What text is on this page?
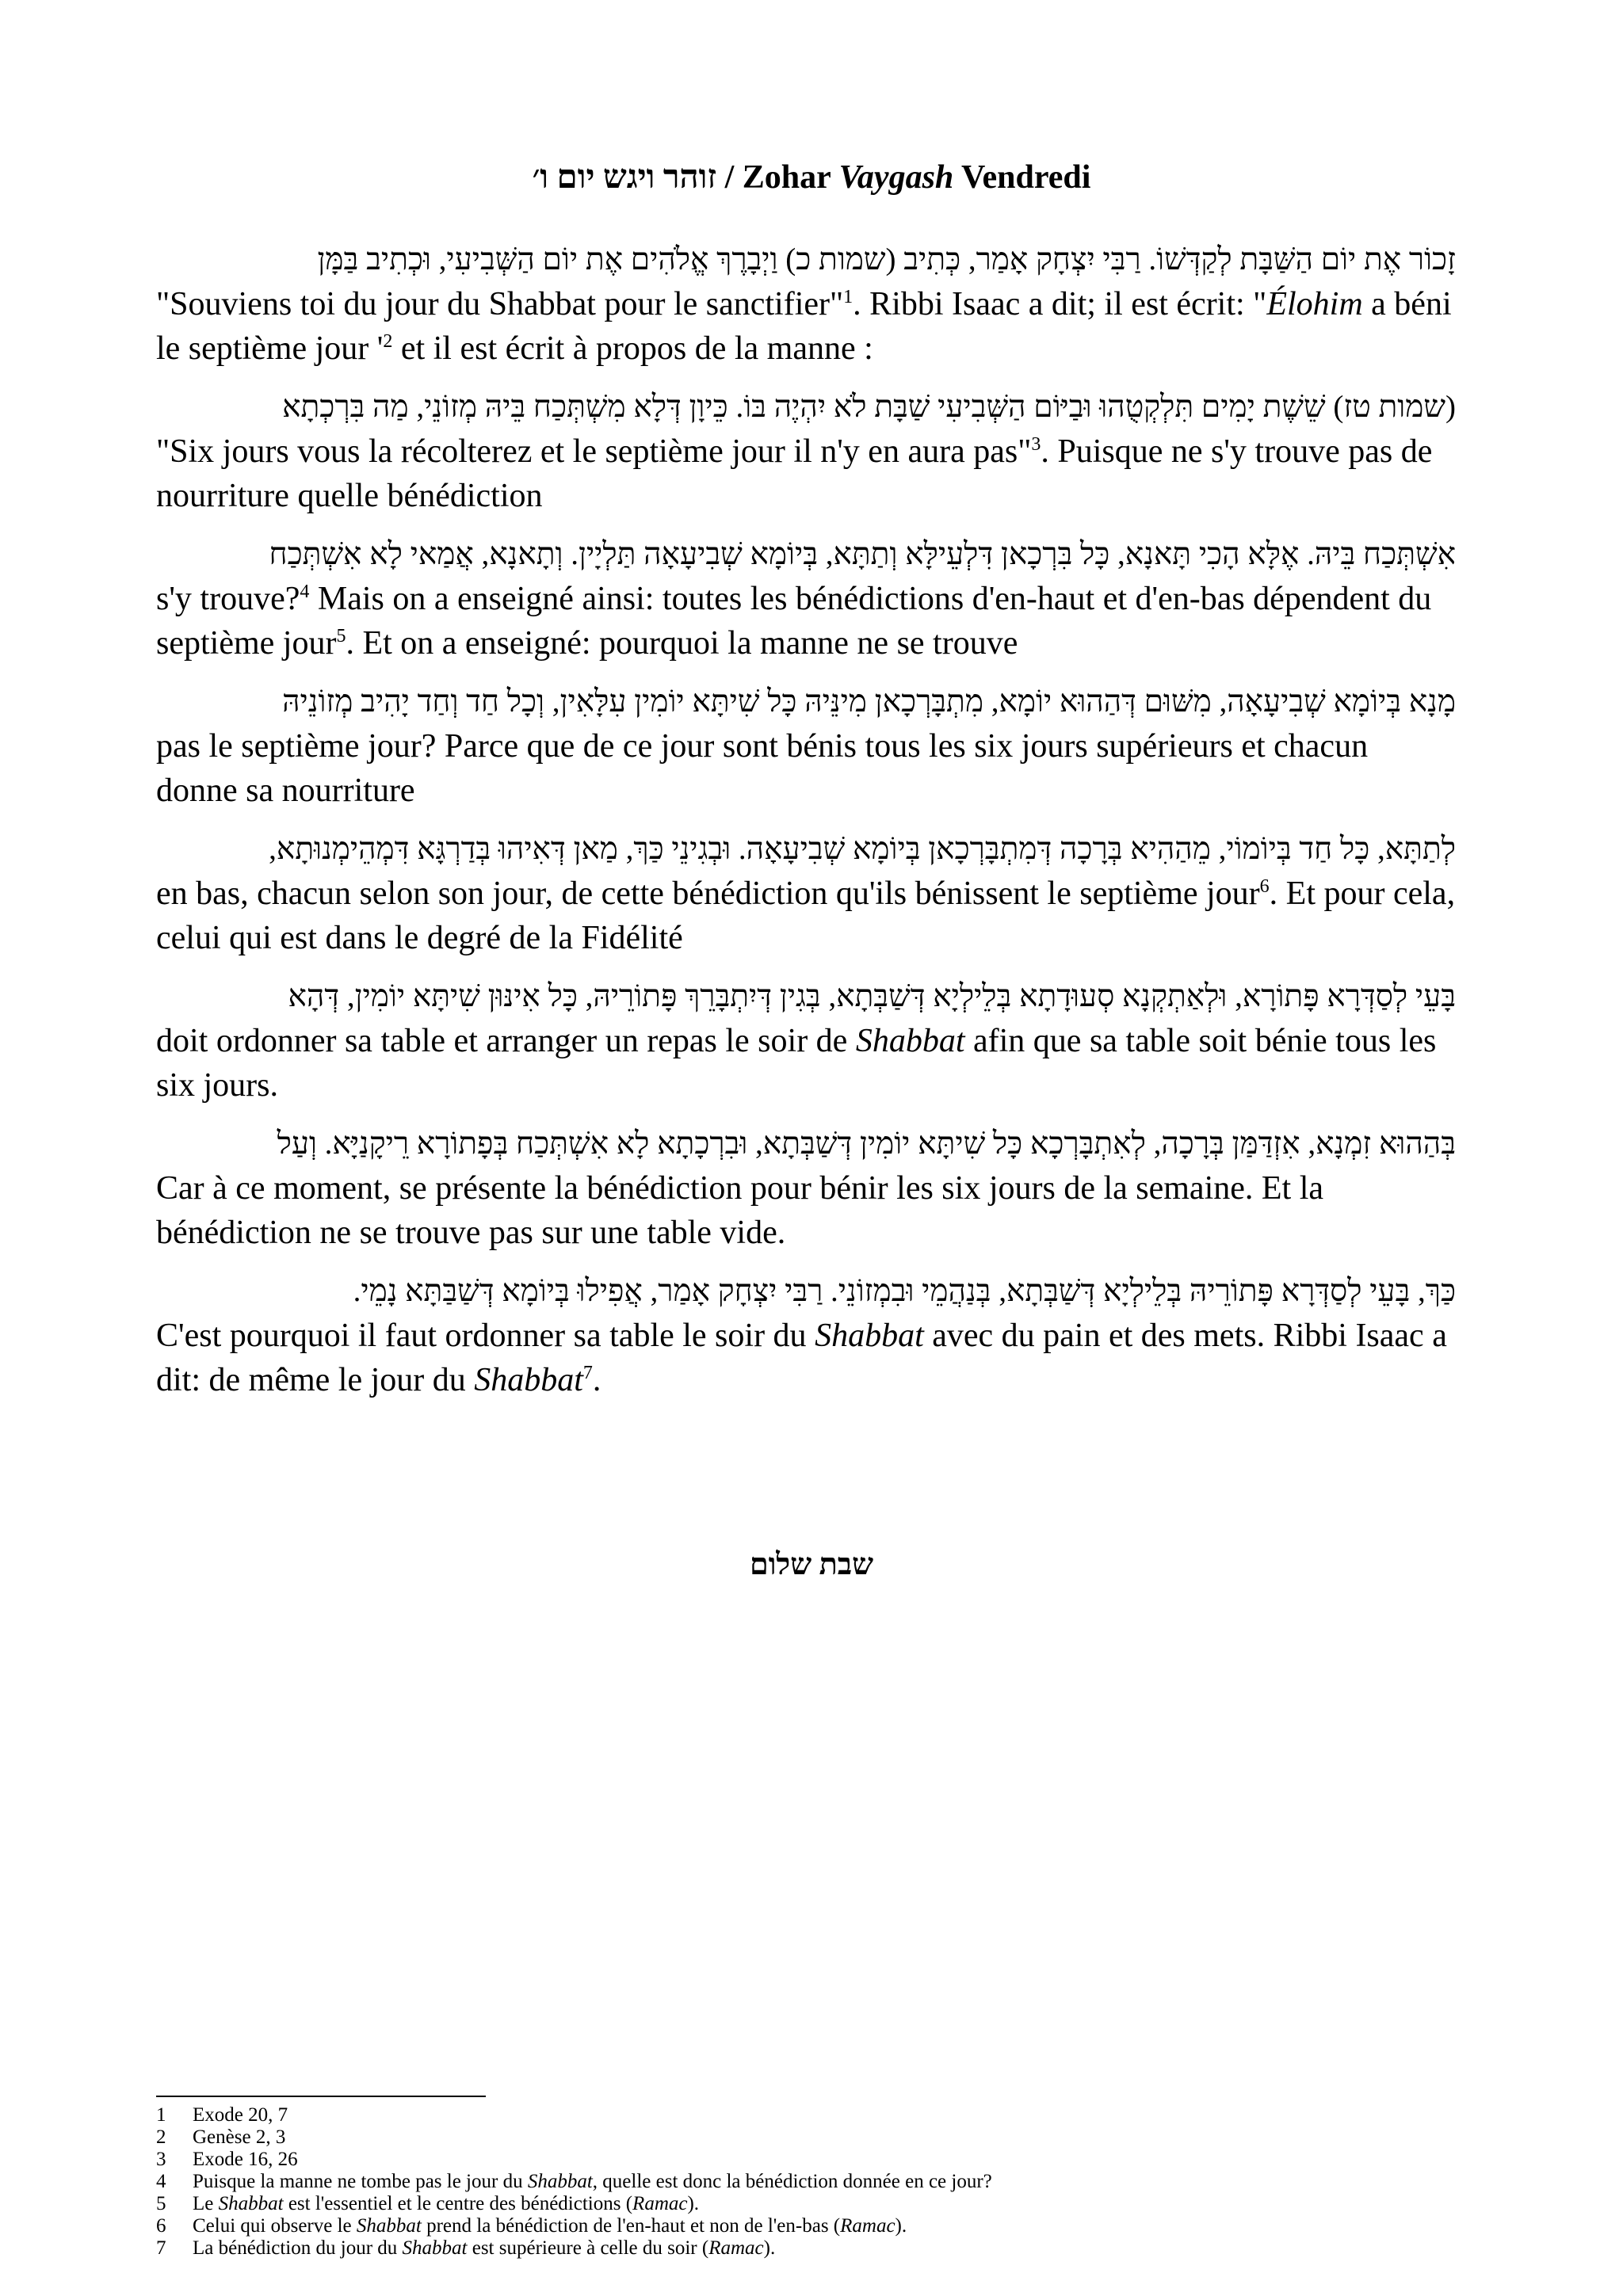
זוהר ויגש יום ו׳ / Zohar Vaygash Vendredi
זָכוֹר אֶת יוֹם הַשַּׁבָּת לְקַדְּשׁוֹ. רַבִּי יִצְחָק אָמַר, כְּתִיב (שמות כ) וַיְבָרֶךְ אֱלֹהִים אֶת יוֹם הַשְּׁבִיעִי, וּכְתִיב בַּמָּן
"Souviens toi du jour du Shabbat pour le sanctifier"$^1$. Ribbi Isaac a dit; il est écrit: "Élohim a béni le septième jour '$^2$ et il est écrit à propos de la manne :
(שמות טז) שֵׁשֶׁת יָמִים תִּלְקְטֻהוּ וּבַיּוֹם הַשְּׁבִיעִי שַׁבָּת לֹא יִהְיֶה בּוֹ. כֵּיוָן דְּלָא מִשְׁתְּכַח בֵּיהּ מְזוֹנֵי, מַה בִּרְכְתָא
"Six jours vous la récolterez et le septième jour il n'y en aura pas"$^3$. Puisque ne s'y trouve pas de nourriture quelle bénédiction
אִשְׁתְּכַח בֵּיהּ. אֶלָּא הָכִי תָּאנָא, כָּל בִּרְכָאן דִּלְעֵילָּא וְתַתָּא, בְּיוֹמָא שְׁבִיעָאָה תַּלְיָין. וְתָאנָא, אֲמַאי לָא אִשְׁתְּכַח
s'y trouve?$^4$ Mais on a enseigné ainsi: toutes les bénédictions d'en-haut et d'en-bas dépendent du septième jour$^5$. Et on a enseigné: pourquoi la manne ne se trouve
מָנָא בְּיוֹמָא שְׁבִיעָאָה, מִשּׁוּם דְּהַהוּא יוֹמָא, מִתְבָּרְכָאן מִינֵּיהּ כָּל שִׁיתָּא יוֹמִין עִלָּאִין, וְכָל חַד וְחַד יָהִיב מְזוֹנֵיהּ
pas le septième jour? Parce que de ce jour sont bénis tous les six jours supérieurs et chacun donne sa nourriture
לְתַתָּא, כָּל חַד בְּיוֹמוֹי, מֵהַהִיא בְּרָכָה דְּמִתְבָּרְכָאן בְּיוֹמָא שְׁבִיעָאָה. וּבְגִינֵי כַּךְ, מַאן דְּאִיהוּ בְּדַרְגָּא דִּמְהֵימְנוּתָא,
en bas, chacun selon son jour, de cette bénédiction qu'ils bénissent le septième jour$^6$. Et pour cela, celui qui est dans le degré de la Fidélité
בָּעֵי לְסַדְּרָא פָּתוֹרָא, וּלְאַתְקְנָא סְעוּדָתָא בְּלֵילְיָא דְּשַׁבְּתָא, בְּגִין דְּיִתְבָּרֵךְ פָּתוֹרֵיהּ, כָּל אִינּוּן שִׁיתָּא יוֹמִין, דְּהָא
doit ordonner sa table et arranger un repas le soir de Shabbat afin que sa table soit bénie tous les six jours.
בְּהַהוּא זִמְנָא, אִזְדַּמַּן בְּרָכָה, לְאִתְבָּרְכָא כָּל שִׁיתָּא יוֹמִין דְּשַׁבְּתָא, וּבִרְכָתָא לָא אִשְׁתְּכַח בְּפָתוֹרָא רֵיקָנַיָּא. וְעַל
Car à ce moment, se présente la bénédiction pour bénir les six jours de la semaine. Et la bénédiction ne se trouve pas sur une table vide.
כַּךְ, בָּעֵי לְסַדְּרָא פָּתוֹרֵיהּ בְּלֵילְיָא דְּשַׁבְּתָא, בְּנַהֲמֵי וּבִמְזוֹנֵי. רַבִּי יִצְחָק אָמַר, אֲפִילוּ בְּיוֹמָא דְּשַׁבַּתָּא נָמֵי.
C'est pourquoi il faut ordonner sa table le soir du Shabbat avec du pain et des mets. Ribbi Isaac a dit: de même le jour du Shabbat$^7$.
שבת שלום
1	Exode 20, 7
2	Genèse 2, 3
3	Exode 16, 26
4	Puisque la manne ne tombe pas le jour du Shabbat, quelle est donc la bénédiction donnée en ce jour?
5	Le Shabbat est l'essentiel et le centre des bénédictions (Ramac).
6	Celui qui observe le Shabbat prend la bénédiction de l'en-haut et non de l'en-bas (Ramac).
7	La bénédiction du jour du Shabbat est supérieure à celle du soir (Ramac).
